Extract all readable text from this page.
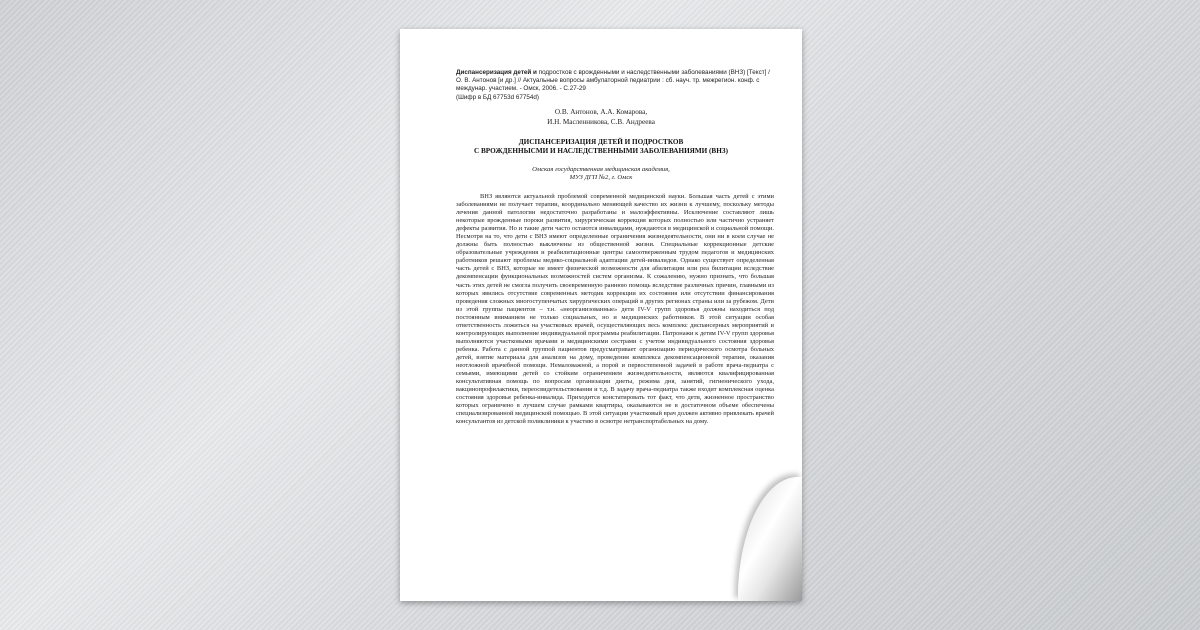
Диспансеризация детей и подростков с врожденными и наследственными заболеваниями (ВНЗ) [Текст] / О. В. Антонов [и др.] // Актуальные вопросы амбулаторной педиатрии : сб. науч. тр. межрегион. конф. с междунар. участием. - Омск, 2006. - С.27-29
(Шифр в БД 67753d 67754d)
О.В. Антонов, А.А. Комарова,
И.Н. Масленникова, С.В. Андреева
ДИСПАНСЕРИЗАЦИЯ ДЕТЕЙ И ПОДРОСТКОВ
С ВРОЖДЕННЫСМИ И НАСЛЕДСТВЕННЫМИ ЗАБОЛЕВАНИЯМИ (ВНЗ)
Омская государственная медицинская академия,
МУЗ ДГП №2, г. Омск

ВНЗ являются актуальной проблемой современной медицинской науки. Большая часть детей с этими заболеваниями не получает терапии, координально меняющей качество их жизни к лучшему, поскольку методы лечения данной патологии недостаточно разработаны и малоэффективны. Исключение составляют лишь некоторые врожденные пороки развития, хирургическая коррекция которых полностью или частично устраняет дефекты развития. Но и такие дети часто остаются инвалидами, нуждаются в медицинской и социальной помощи. Несмотря на то, что дети с ВНЗ имеют определенные ограничения жизнедеятельности, они ни в коем случае не должны быть полностью выключены из общественной жизни. Специальные коррекционные детские образовательные учреждения и реабилитационные центры самоотверженным трудом педагогов и медицинских работников решают проблемы медико-социальной адаптации детей-инвалидов. Однако существует определенная часть детей с ВНЗ, которые не имеет физической возможности для абилитации или реа билитации вследствие декомпенсации функциональных возможностей систем организма. К сожалению, нужно признать, что большая часть этих детей не смогла получить своевременную раннюю помощь вследствие различных причин, главными из которых явились отсутствие современных методик коррекции их состояния или отсутствии финансирования проведения сложных многоступенчатых хирургических операций в других регионах страны или за рубежом. Дети из этой группы пациентов – т.н. «неорганизованные» дети IV-V групп здоровья должны находиться под постоянным вниманием не только социальных, но и медицинских работников. В этой ситуации особая ответственность ложиться на участковых врачей, осуществляющих весь комплекс диспансерных мероприятий и контролирующих выполнение индивидуальной программы реабилитации. Патронажи к детям IV-V групп здоровья выполняются участковыми врачами и медицинскими сестрами с учетом индивидуального состояния здоровья ребенка. Работа с данной группой пациентов предусматривает организацию периодического осмотра больных детей, взятие материала для анализов на дому, проведения комплекса декомпенсационной терапии, оказания неотложной врачебной помощи. Немаловажной, а порой и первостепенной задачей в работе врача-педиатра с семьями, имеющими детей со стойким ограничением жизнедеятельности, являются квалифицированная консультативная помощь по вопросам организации диеты, режима дня, занятий, гигиенического ухода, вакцинопрофилактики, переосвидетельствования и т.д. В задачу врача-педиатра также входит комплексная оценка состояния здоровья ребенка-инвалида. Приходится констатировать тот факт, что дети, жизненное пространство которых ограничено в лучшем случае рамками квартиры, оказываются не в достаточном объеме обеспечены специализированной медицинской помощью. В этой ситуации участковый врач должен активно привлекать врачей консультантов из детской поликлиники к участию в осмотре нетранспортабельных на дому.
